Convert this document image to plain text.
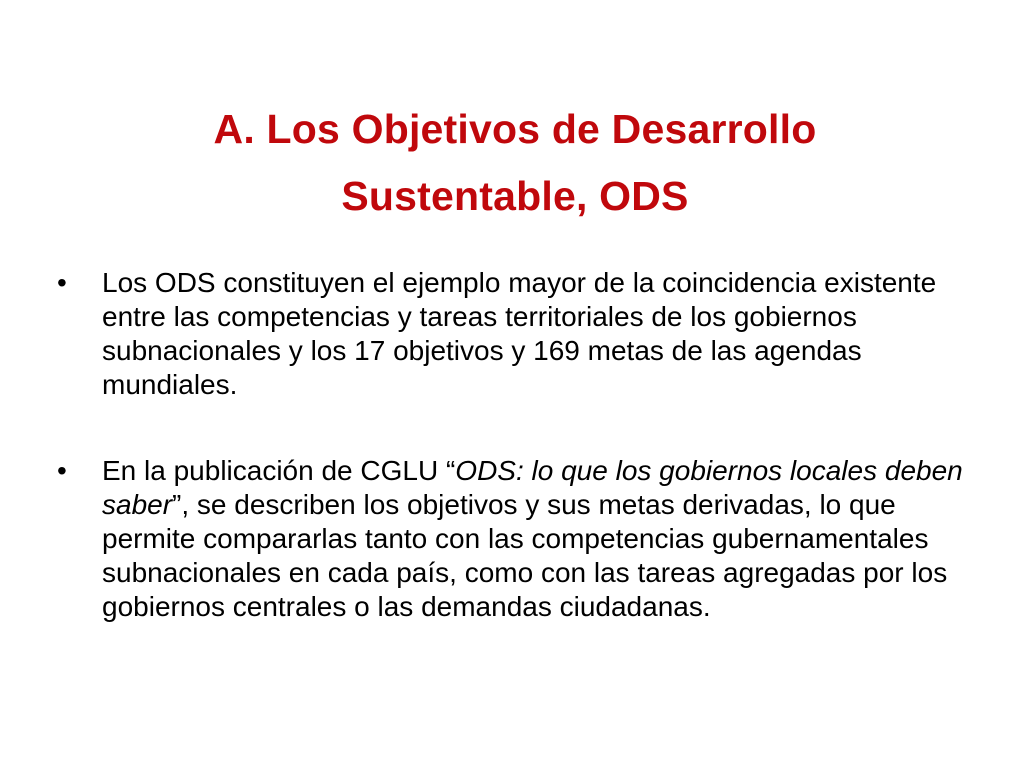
A. Los Objetivos de Desarrollo
Sustentable, ODS
• Los ODS constituyen el ejemplo mayor de la coincidencia existente entre las competencias y tareas territoriales de los gobiernos subnacionales y los 17 objetivos y 169 metas de las agendas mundiales.
• En la publicación de CGLU “ODS: lo que los gobiernos locales deben saber”, se describen los objetivos y sus metas derivadas, lo que permite compararlas tanto con las competencias gubernamentales subnacionales en cada país, como con las tareas agregadas por los gobiernos centrales o las demandas ciudadanas.
